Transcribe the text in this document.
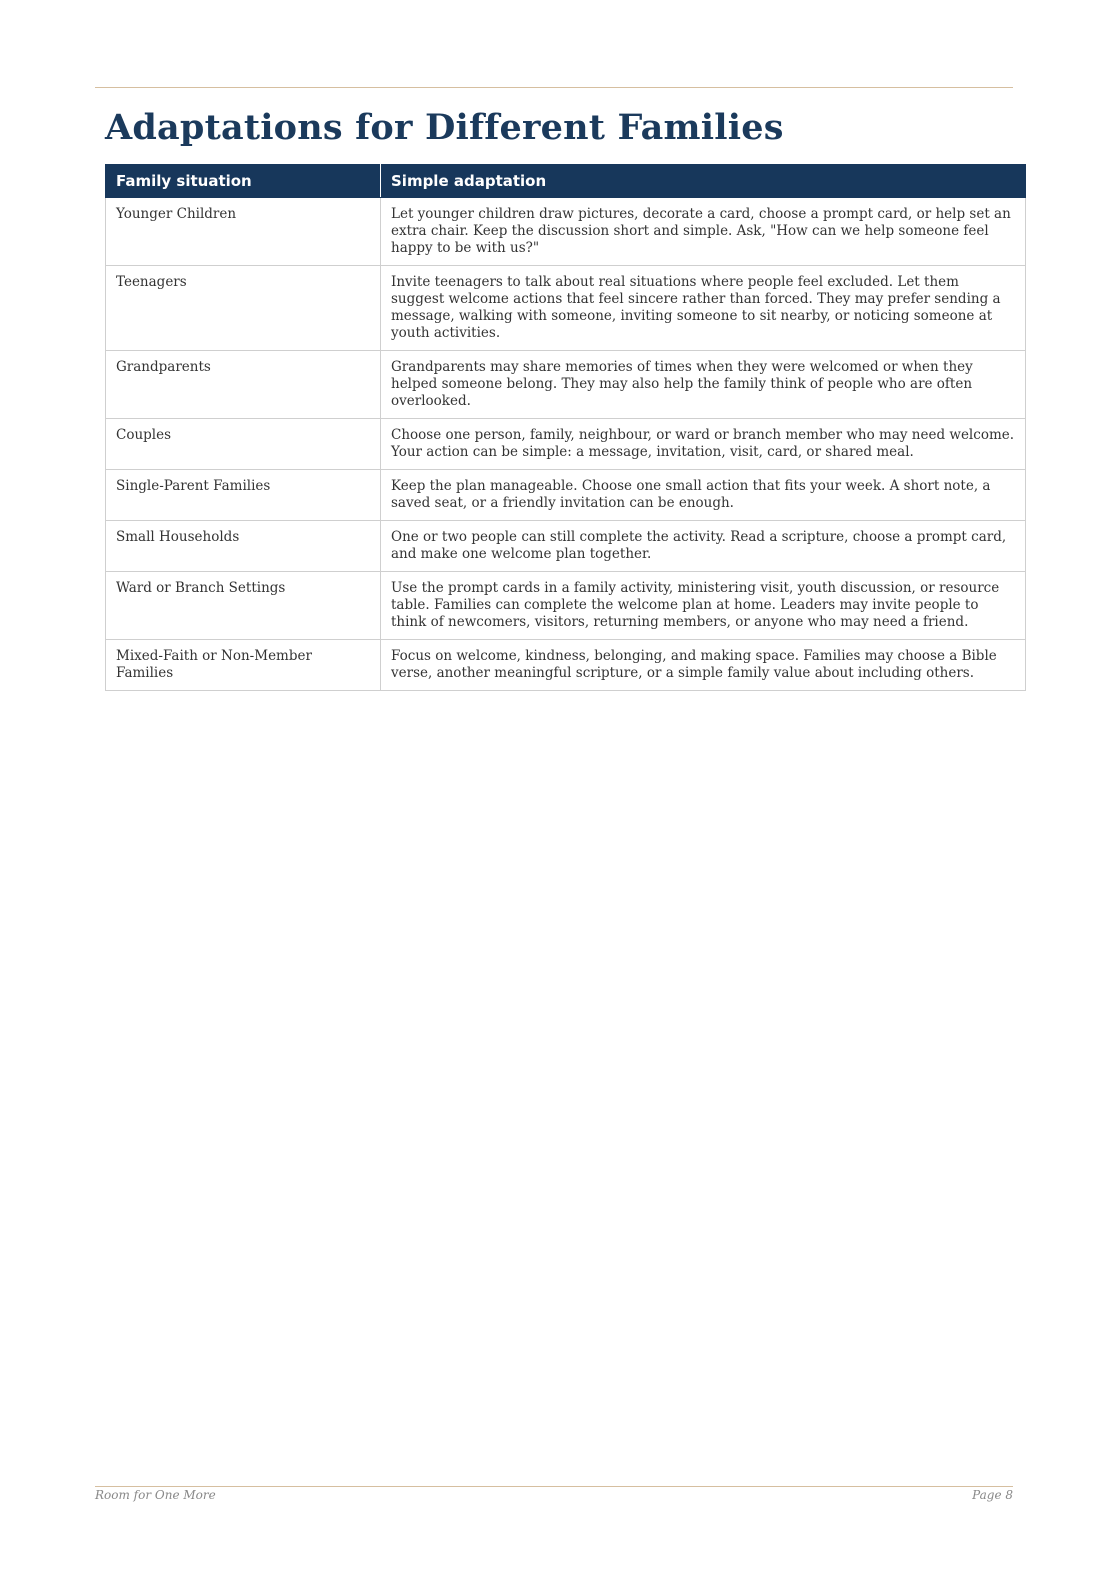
Adaptations for Different Families
Family situation	Simple adaptation
Younger Children	Let younger children draw pictures, decorate a card, choose a prompt card, or help set an extra chair. Keep the discussion short and simple. Ask, "How can we help someone feel happy to be with us?"
Teenagers	Invite teenagers to talk about real situations where people feel excluded. Let them suggest welcome actions that feel sincere rather than forced. They may prefer sending a message, walking with someone, inviting someone to sit nearby, or noticing someone at youth activities.
Grandparents	Grandparents may share memories of times when they were welcomed or when they helped someone belong. They may also help the family think of people who are often overlooked.
Couples	Choose one person, family, neighbour, or ward or branch member who may need welcome. Your action can be simple: a message, invitation, visit, card, or shared meal.
Single-Parent Families	Keep the plan manageable. Choose one small action that fits your week. A short note, a saved seat, or a friendly invitation can be enough.
Small Households	One or two people can still complete the activity. Read a scripture, choose a prompt card, and make one welcome plan together.
Ward or Branch Settings	Use the prompt cards in a family activity, ministering visit, youth discussion, or resource table. Families can complete the welcome plan at home. Leaders may invite people to think of newcomers, visitors, returning members, or anyone who may need a friend.
Mixed-Faith or Non-Member Families	Focus on welcome, kindness, belonging, and making space. Families may choose a Bible verse, another meaningful scripture, or a simple family value about including others.
Room for One More	Page 8
